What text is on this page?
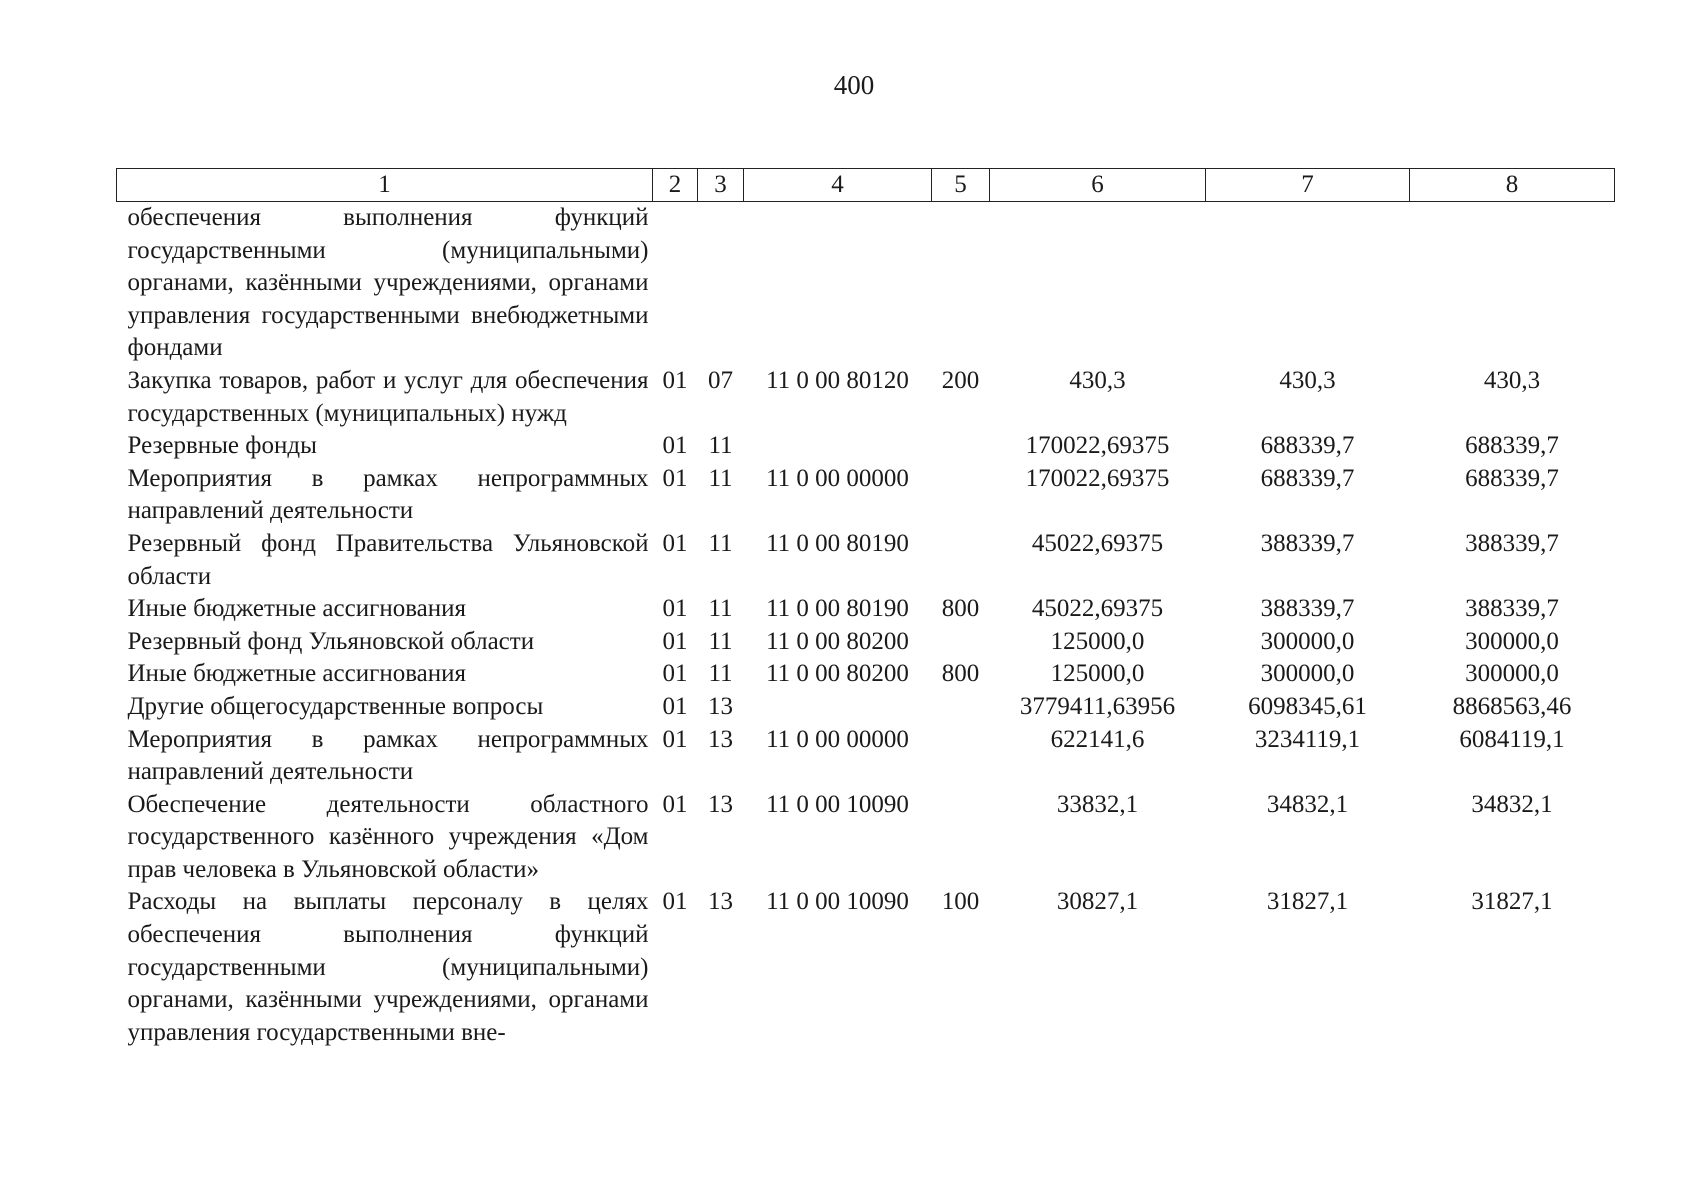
400
1	2	3	4	5	6	7	8
обеспечения выполнения функций государственными (муниципальными) органами, казёнными учреждениями, органами управления государственными внебюджетными фондами							
Закупка товаров, работ и услуг для обеспечения государственных (муниципальных) нужд	01	07	11 0 00 80120	200	430,3	430,3	430,3
Резервные фонды	01	11			170022,69375	688339,7	688339,7
Мероприятия в рамках непрограммных направлений деятельности	01	11	11 0 00 00000		170022,69375	688339,7	688339,7
Резервный фонд Правительства Ульяновской области	01	11	11 0 00 80190		45022,69375	388339,7	388339,7
Иные бюджетные ассигнования	01	11	11 0 00 80190	800	45022,69375	388339,7	388339,7
Резервный фонд Ульяновской области	01	11	11 0 00 80200		125000,0	300000,0	300000,0
Иные бюджетные ассигнования	01	11	11 0 00 80200	800	125000,0	300000,0	300000,0
Другие общегосударственные вопросы	01	13			3779411,63956	6098345,61	8868563,46
Мероприятия в рамках непрограммных направлений деятельности	01	13	11 0 00 00000		622141,6	3234119,1	6084119,1
Обеспечение деятельности областного государственного казённого учреждения «Дом прав человека в Ульяновской области»	01	13	11 0 00 10090		33832,1	34832,1	34832,1
Расходы на выплаты персоналу в целях обеспечения выполнения функций государственными (муниципальными) органами, казёнными учреждениями, органами управления государственными вне-	01	13	11 0 00 10090	100	30827,1	31827,1	31827,1
